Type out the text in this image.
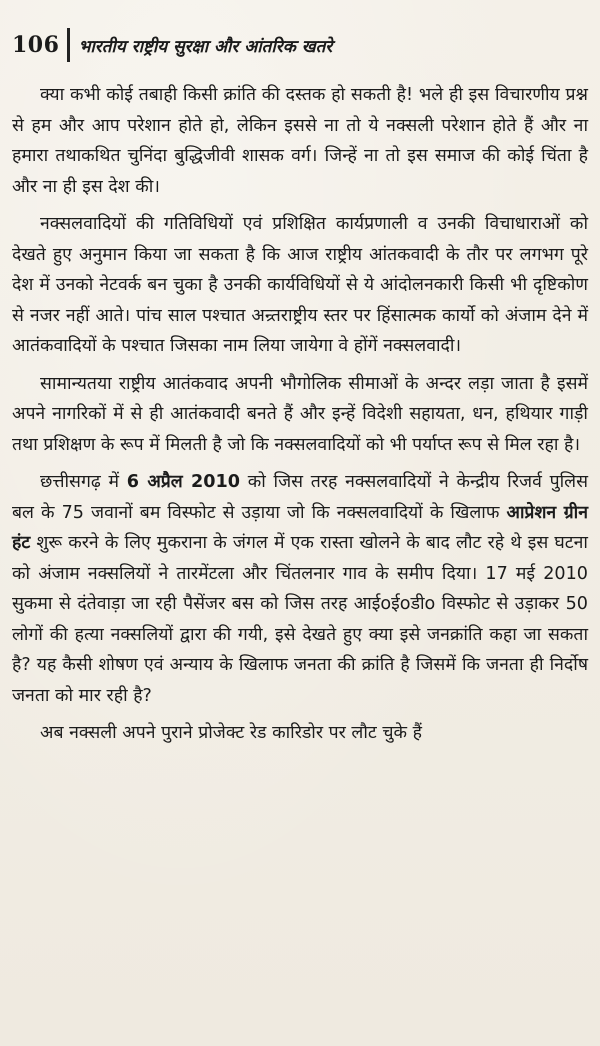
106 भारतीय राष्ट्रीय सुरक्षा और आंतरिक खतरे

क्या कभी कोई तबाही किसी क्रांति की दस्तक हो सकती है! भले ही इस विचारणीय प्रश्न से हम और आप परेशान होते हो, लेकिन इससे ना तो ये नक्सली परेशान होते हैं और ना हमारा तथाकथित चुनिंदा बुद्धिजीवी शासक वर्ग। जिन्हें ना तो इस समाज की कोई चिंता है और ना ही इस देश की।

नक्सलवादियों की गतिविधियों एवं प्रशिक्षित कार्यप्रणाली व उनकी विचाधाराओं को देखते हुए अनुमान किया जा सकता है कि आज राष्ट्रीय आंतकवादी के तौर पर लगभग पूरे देश में उनको नेटवर्क बन चुका है उनकी कार्यविधियों से ये आंदोलनकारी किसी भी दृष्टिकोण से नजर नहीं आते। पांच साल पश्चात अन्र्तराष्ट्रीय स्तर पर हिंसात्मक कार्यो को अंजाम देने में आतंकवादियों के पश्चात जिसका नाम लिया जायेगा वे होंगें नक्सलवादी।

सामान्यतया राष्ट्रीय आतंकवाद अपनी भौगोलिक सीमाओं के अन्दर लड़ा जाता है इसमें अपने नागरिकों में से ही आतंकवादी बनते हैं और इन्हें विदेशी सहायता, धन, हथियार गाड़ी तथा प्रशिक्षण के रूप में मिलती है जो कि नक्सलवादियों को भी पर्याप्त रूप से मिल रहा है।

छत्तीसगढ़ में 6 अप्रैल 2010 को जिस तरह नक्सलवादियों ने केन्द्रीय रिजर्व पुलिस बल के 75 जवानों बम विस्फोट से उड़ाया जो कि नक्सलवादियों के खिलाफ आप्रेशन ग्रीन हंट शुरू करने के लिए मुकराना के जंगल में एक रास्ता खोलने के बाद लौट रहे थे इस घटना को अंजाम नक्सलियों ने तारमेंटला और चिंतलनार गाव के समीप दिया। 17 मई 2010 सुकमा से दंतेवाड़ा जा रही पैसेंजर बस को जिस तरह आईoईoडीo विस्फोट से उड़ाकर 50 लोगों की हत्या नक्सलियों द्वारा की गयी, इसे देखते हुए क्या इसे जनक्रांति कहा जा सकता है? यह कैसी शोषण एवं अन्याय के खिलाफ जनता की क्रांति है जिसमें कि जनता ही निर्दोष जनता को मार रही है?

अब नक्सली अपने पुराने प्रोजेक्ट रेड कारिडोर पर लौट चुके हैं
